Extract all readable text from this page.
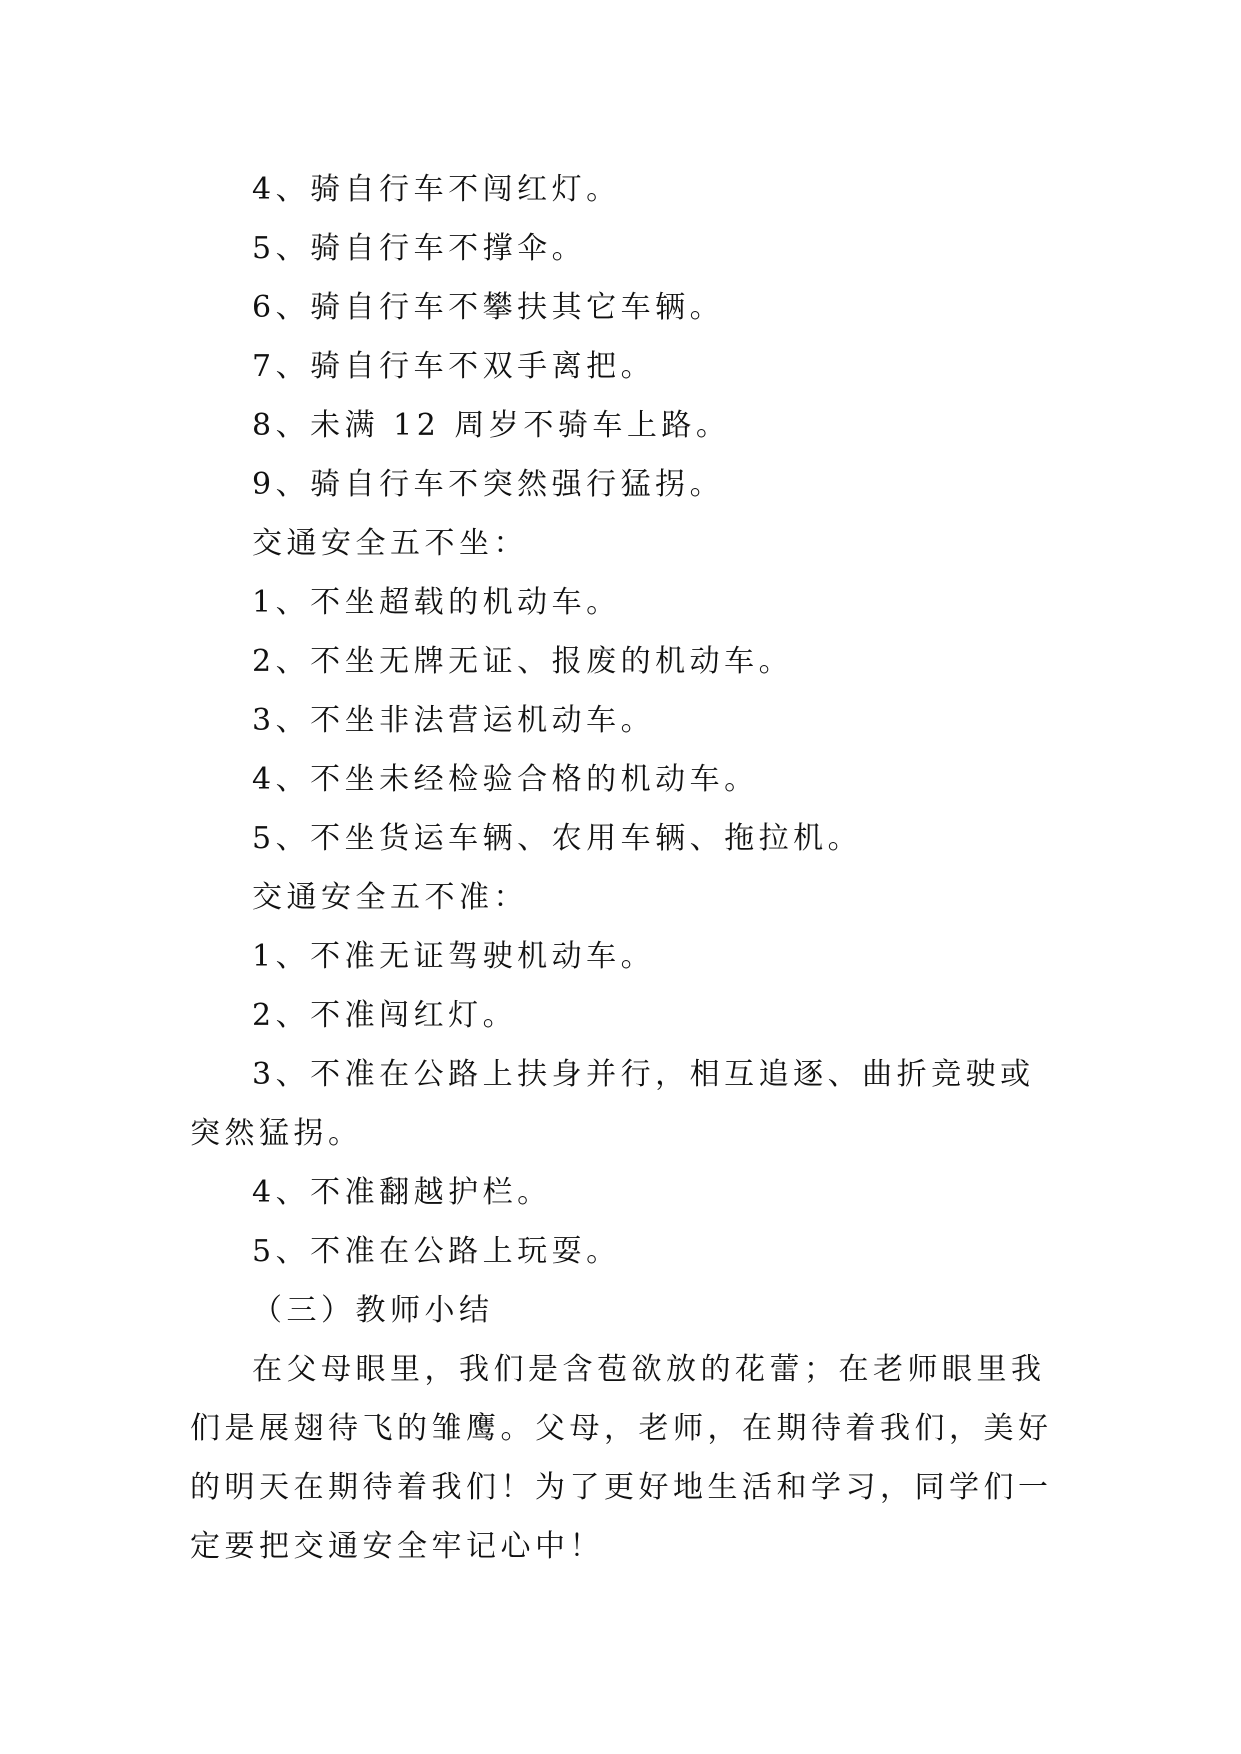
4、骑自行车不闯红灯。

5、骑自行车不撑伞。

6、骑自行车不攀扶其它车辆。

7、骑自行车不双手离把。

8、未满 12 周岁不骑车上路。

9、骑自行车不突然强行猛拐。

交通安全五不坐：

1、不坐超载的机动车。

2、不坐无牌无证、报废的机动车。

3、不坐非法营运机动车。

4、不坐未经检验合格的机动车。

5、不坐货运车辆、农用车辆、拖拉机。

交通安全五不准：

1、不准无证驾驶机动车。

2、不准闯红灯。

3、不准在公路上扶身并行，相互追逐、曲折竞驶或突然猛拐。

4、不准翻越护栏。

5、不准在公路上玩耍。

（三）教师小结

在父母眼里，我们是含苞欲放的花蕾；在老师眼里我们是展翅待飞的雏鹰。父母，老师，在期待着我们，美好的明天在期待着我们！为了更好地生活和学习，同学们一定要把交通安全牢记心中！
